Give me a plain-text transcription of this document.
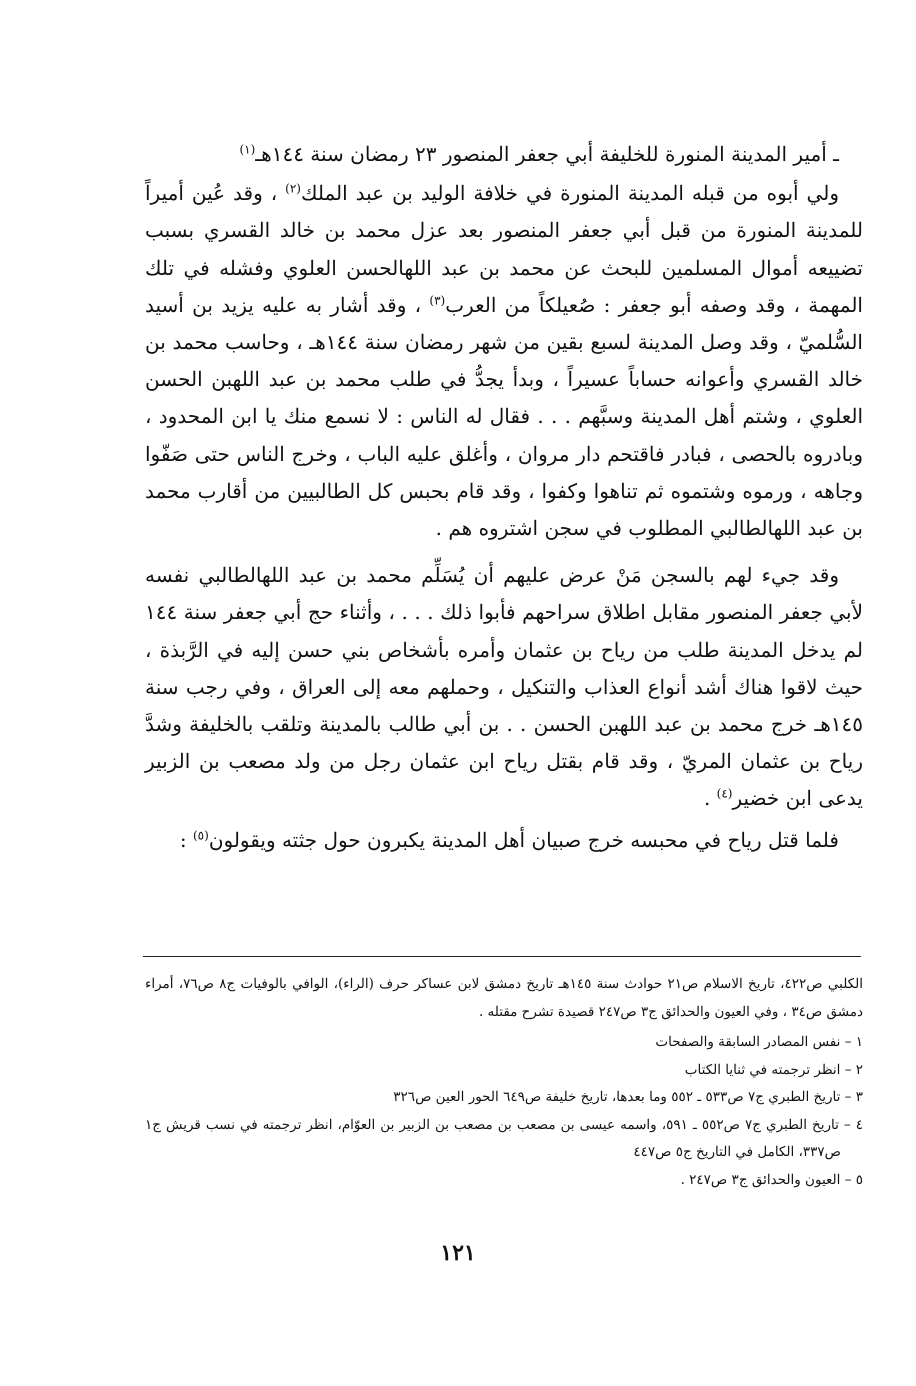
ـ أمير المدينة المنورة للخليفة أبي جعفر المنصور ٢٣ رمضان سنة ١٤٤هـ$^{(١)}$

ولي أبوه من قبله المدينة المنورة في خلافة الوليد بن عبد الملك$^{(٢)}$ ، وقد عُين أميراً للمدينة المنورة من قبل أبي جعفر المنصور بعد عزل محمد بن خالد القسري بسبب تضييعه أموال المسلمين للبحث عن محمد بن عبد اللهالحسن العلوي وفشله في تلك المهمة ، وقد وصفه أبو جعفر : صُعيلكاً من العرب$^{(٣)}$ ، وقد أشار به عليه يزيد بن أسيد السُّلميّ ، وقد وصل المدينة لسبع بقين من شهر رمضان سنة ١٤٤هـ ، وحاسب محمد بن خالد القسري وأعوانه حساباً عسيراً ، وبدأ يجدُّ في طلب محمد بن عبد اللهبن الحسن العلوي ، وشتم أهل المدينة وسبَّهم . . . فقال له الناس : لا نسمع منك يا ابن المحدود ، وبادروه بالحصى ، فبادر فاقتحم دار مروان ، وأغلق عليه الباب ، وخرج الناس حتى صَفّوا وجاهه ، ورموه وشتموه ثم تناهوا وكفوا ، وقد قام بحبس كل الطالبيين من أقارب محمد بن عبد اللهالطالبي المطلوب في سجن اشتروه هم .

وقد جيء لهم بالسجن مَنْ عرض عليهم أن يُسَلِّم محمد بن عبد اللهالطالبي نفسه لأبي جعفر المنصور مقابل اطلاق سراحهم فأبوا ذلك . . . ، وأثناء حج أبي جعفر سنة ١٤٤ لم يدخل المدينة طلب من رياح بن عثمان وأمره بأشخاص بني حسن إليه في الرَّبذة ، حيث لاقوا هناك أشد أنواع العذاب والتنكيل ، وحملهم معه إلى العراق ، وفي رجب سنة ١٤٥هـ خرج محمد بن عبد اللهبن الحسن . . بن أبي طالب بالمدينة وتلقب بالخليفة وشدَّ رياح بن عثمان المريّ ، وقد قام بقتل رياح ابن عثمان رجل من ولد مصعب بن الزبير يدعى ابن خضير$^{(٤)}$ .

فلما قتل رياح في محبسه خرج صبيان أهل المدينة يكبرون حول جثته ويقولون$^{(٥)}$ :

الكلبي ص٤٢٢، تاريخ الاسلام ص٢١ حوادث سنة ١٤٥هـ تاريخ دمشق لابن عساكر حرف (الراء)، الوافي بالوفيات ج٨ ص٧٦، أمراء دمشق ص٣٤ ، وفي العيون والحدائق ج٣ ص٢٤٧ قصيدة تشرح مقتله .

١ – نفس المصادر السابقة والصفحات

٢ – انظر ترجمته في ثنايا الكتاب

٣ – تاريخ الطبري ج٧ ص٥٣٣ ـ ٥٥٢ وما بعدها، تاريخ خليفة ص٦٤٩ الحور العين ص٣٢٦

٤ – تاريخ الطبري ج٧ ص٥٥٢ ـ ٥٩١، واسمه عيسى بن مصعب بن مصعب بن الزبير بن العوّام، انظر ترجمته في نسب قريش ج١ ص٣٣٧، الكامل في التاريخ ج٥ ص٤٤٧

٥ – العيون والحدائق ج٣ ص٢٤٧ .

١٢١
